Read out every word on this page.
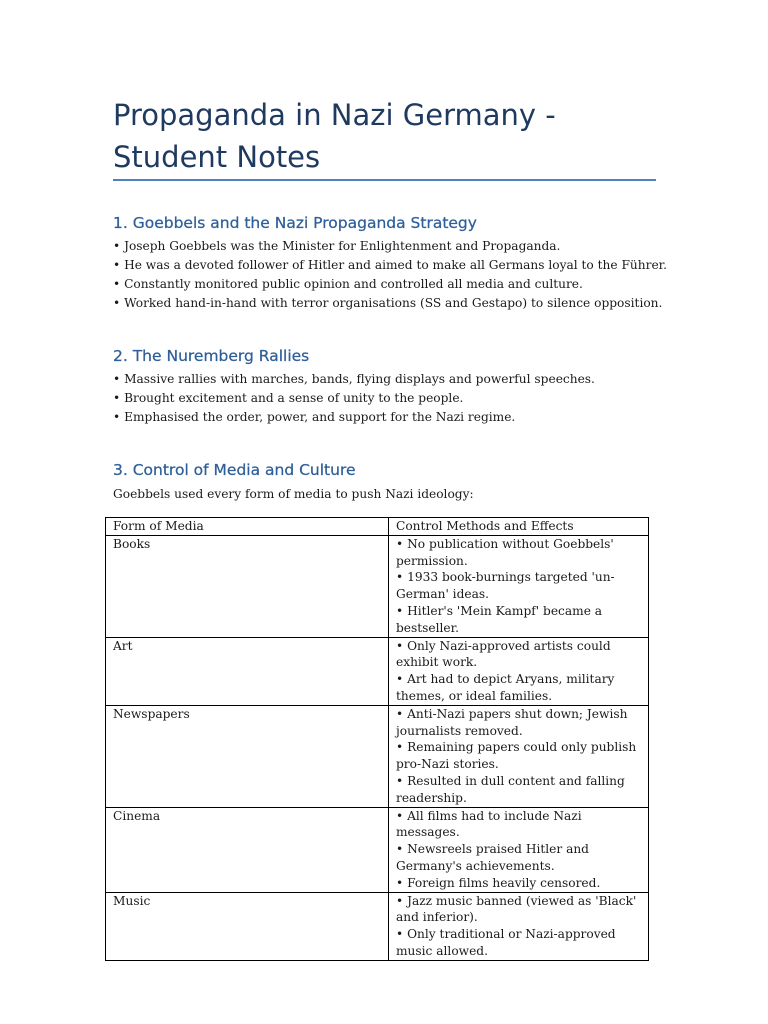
Propaganda in Nazi Germany - Student Notes
1. Goebbels and the Nazi Propaganda Strategy
• Joseph Goebbels was the Minister for Enlightenment and Propaganda.
• He was a devoted follower of Hitler and aimed to make all Germans loyal to the Führer.
• Constantly monitored public opinion and controlled all media and culture.
• Worked hand-in-hand with terror organisations (SS and Gestapo) to silence opposition.
2. The Nuremberg Rallies
• Massive rallies with marches, bands, flying displays and powerful speeches.
• Brought excitement and a sense of unity to the people.
• Emphasised the order, power, and support for the Nazi regime.
3. Control of Media and Culture

Goebbels used every form of media to push Nazi ideology:

Form of Media	Control Methods and Effects
Books	• No publication without Goebbels' permission.
• 1933 book-burnings targeted 'un-German' ideas.
• Hitler's 'Mein Kampf' became a bestseller.

Art	• Only Nazi-approved artists could exhibit work.
• Art had to depict Aryans, military themes, or ideal families.

Newspapers	• Anti-Nazi papers shut down; Jewish journalists removed.
• Remaining papers could only publish pro-Nazi stories.
• Resulted in dull content and falling readership.

Cinema	• All films had to include Nazi messages.
• Newsreels praised Hitler and Germany's achievements.
• Foreign films heavily censored.

Music	• Jazz music banned (viewed as 'Black' and inferior).
• Only traditional or Nazi-approved music allowed.
